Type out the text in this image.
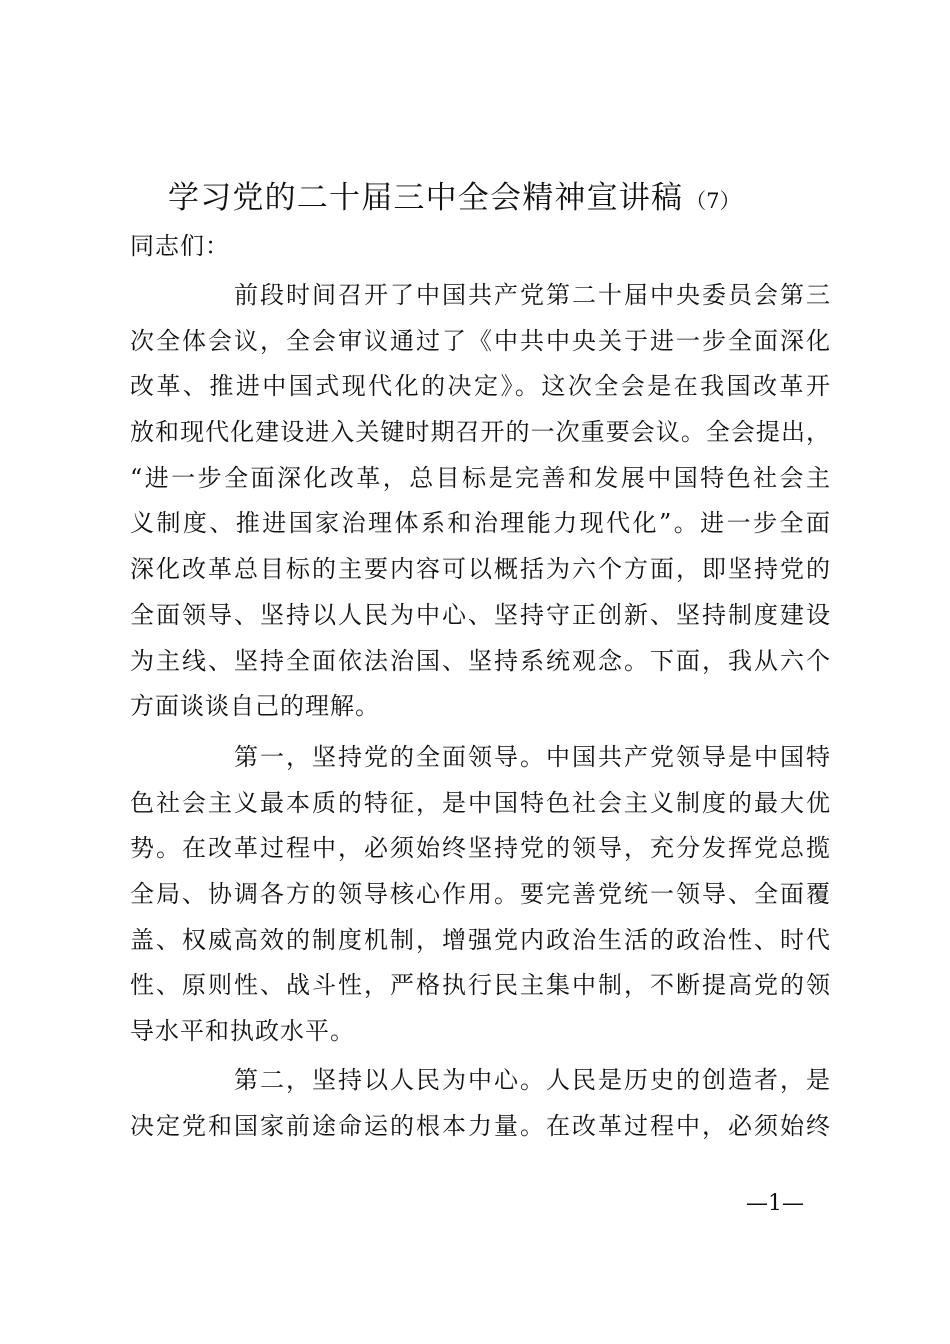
学习党的二十届三中全会精神宣讲稿（7）
同志们：
前段时间召开了中国共产党第二十届中央委员会第三
次全体会议，全会审议通过了《中共中央关于进一步全面深化
改革、推进中国式现代化的决定》。这次全会是在我国改革开
放和现代化建设进入关键时期召开的一次重要会议。全会提出，
“进一步全面深化改革，总目标是完善和发展中国特色社会主
义制度、推进国家治理体系和治理能力现代化”。进一步全面
深化改革总目标的主要内容可以概括为六个方面，即坚持党的
全面领导、坚持以人民为中心、坚持守正创新、坚持制度建设
为主线、坚持全面依法治国、坚持系统观念。下面，我从六个
方面谈谈自己的理解。
第一，坚持党的全面领导。中国共产党领导是中国特
色社会主义最本质的特征，是中国特色社会主义制度的最大优
势。在改革过程中，必须始终坚持党的领导，充分发挥党总揽
全局、协调各方的领导核心作用。要完善党统一领导、全面覆
盖、权威高效的制度机制，增强党内政治生活的政治性、时代
性、原则性、战斗性，严格执行民主集中制，不断提高党的领
导水平和执政水平。
第二，坚持以人民为中心。人民是历史的创造者，是
决定党和国家前途命运的根本力量。在改革过程中，必须始终
—1—
